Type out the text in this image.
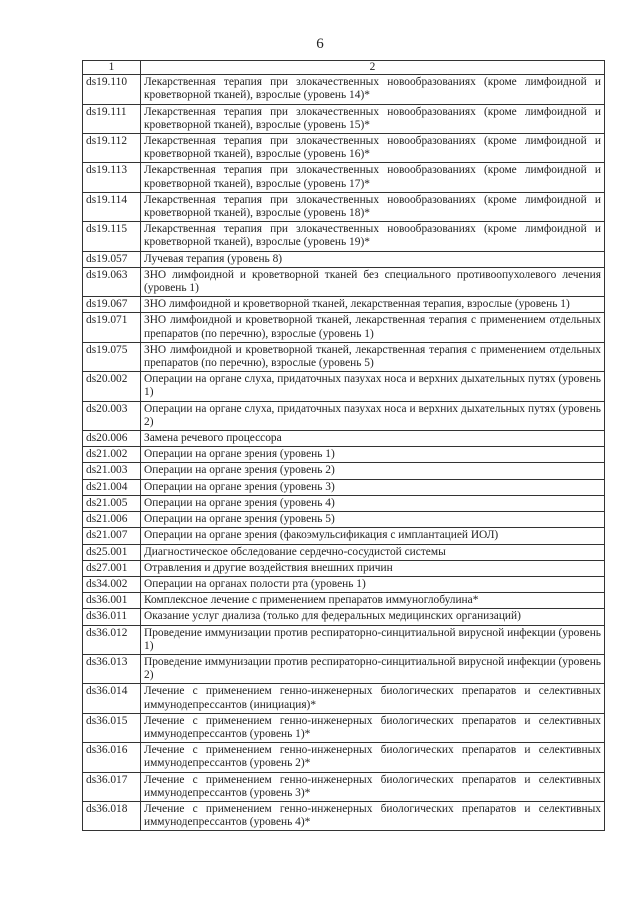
6
1	2
ds19.110	Лекарственная терапия при злокачественных новообразованиях (кроме лимфоидной и кроветворной тканей), взрослые (уровень 14)*
ds19.111	Лекарственная терапия при злокачественных новообразованиях (кроме лимфоидной и кроветворной тканей), взрослые (уровень 15)*
ds19.112	Лекарственная терапия при злокачественных новообразованиях (кроме лимфоидной и кроветворной тканей), взрослые (уровень 16)*
ds19.113	Лекарственная терапия при злокачественных новообразованиях (кроме лимфоидной и кроветворной тканей), взрослые (уровень 17)*
ds19.114	Лекарственная терапия при злокачественных новообразованиях (кроме лимфоидной и кроветворной тканей), взрослые (уровень 18)*
ds19.115	Лекарственная терапия при злокачественных новообразованиях (кроме лимфоидной и кроветворной тканей), взрослые (уровень 19)*
ds19.057	Лучевая терапия (уровень 8)
ds19.063	ЗНО лимфоидной и кроветворной тканей без специального противоопухолевого лечения (уровень 1)
ds19.067	ЗНО лимфоидной и кроветворной тканей, лекарственная терапия, взрослые (уровень 1)
ds19.071	ЗНО лимфоидной и кроветворной тканей, лекарственная терапия с применением отдельных препаратов (по перечню), взрослые (уровень 1)
ds19.075	ЗНО лимфоидной и кроветворной тканей, лекарственная терапия с применением отдельных препаратов (по перечню), взрослые (уровень 5)
ds20.002	Операции на органе слуха, придаточных пазухах носа и верхних дыхательных путях (уровень 1)
ds20.003	Операции на органе слуха, придаточных пазухах носа и верхних дыхательных путях (уровень 2)
ds20.006	Замена речевого процессора
ds21.002	Операции на органе зрения (уровень 1)
ds21.003	Операции на органе зрения (уровень 2)
ds21.004	Операции на органе зрения (уровень 3)
ds21.005	Операции на органе зрения (уровень 4)
ds21.006	Операции на органе зрения (уровень 5)
ds21.007	Операции на органе зрения (факоэмульсификация с имплантацией ИОЛ)
ds25.001	Диагностическое обследование сердечно-сосудистой системы
ds27.001	Отравления и другие воздействия внешних причин
ds34.002	Операции на органах полости рта (уровень 1)
ds36.001	Комплексное лечение с применением препаратов иммуноглобулина*
ds36.011	Оказание услуг диализа (только для федеральных медицинских организаций)
ds36.012	Проведение иммунизации против респираторно-синцитиальной вирусной инфекции (уровень 1)
ds36.013	Проведение иммунизации против респираторно-синцитиальной вирусной инфекции (уровень 2)
ds36.014	Лечение с применением генно-инженерных биологических препаратов и селективных иммунодепрессантов (инициация)*
ds36.015	Лечение с применением генно-инженерных биологических препаратов и селективных иммунодепрессантов (уровень 1)*
ds36.016	Лечение с применением генно-инженерных биологических препаратов и селективных иммунодепрессантов (уровень 2)*
ds36.017	Лечение с применением генно-инженерных биологических препаратов и селективных иммунодепрессантов (уровень 3)*
ds36.018	Лечение с применением генно-инженерных биологических препаратов и селективных иммунодепрессантов (уровень 4)*
